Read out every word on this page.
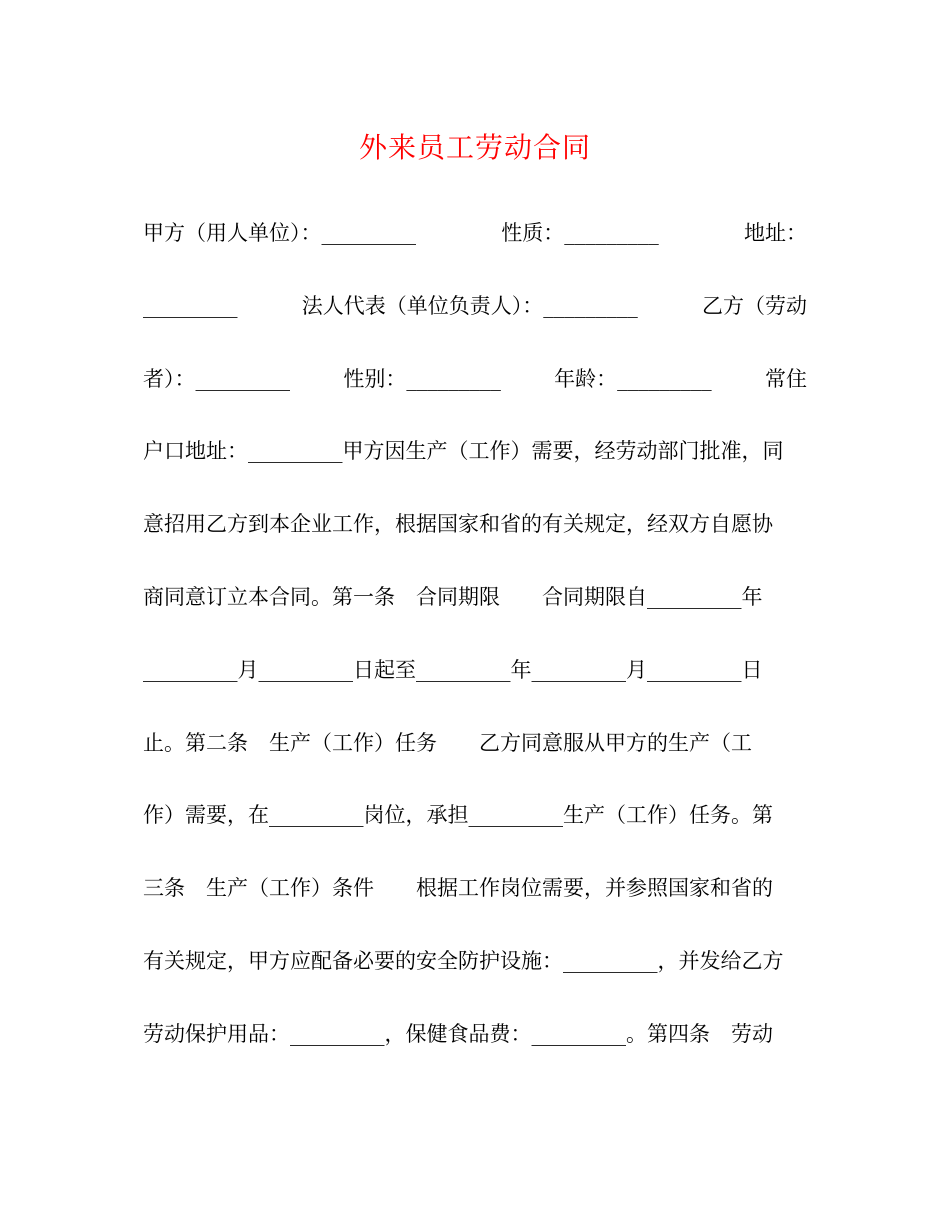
外来员工劳动合同
甲方（用人单位）：_________	性质：_________	地址：
_________	法人代表（单位负责人）：_________	乙方（劳动
者）：_________	性别：_________	年龄：_________	常住
户口地址：_________甲方因生产（工作）需要，经劳动部门批准，同
意招用乙方到本企业工作，根据国家和省的有关规定，经双方自愿协
商同意订立本合同。第一条　合同期限　　合同期限自_________年
_________月_________日起至_________年_________月_________日
止。第二条　生产（工作）任务　　乙方同意服从甲方的生产（工
作）需要，在_________岗位，承担_________生产（工作）任务。第
三条　生产（工作）条件　　根据工作岗位需要，并参照国家和省的
有关规定，甲方应配备必要的安全防护设施：_________，并发给乙方
劳动保护用品：_________，保健食品费：_________。第四条　劳动
